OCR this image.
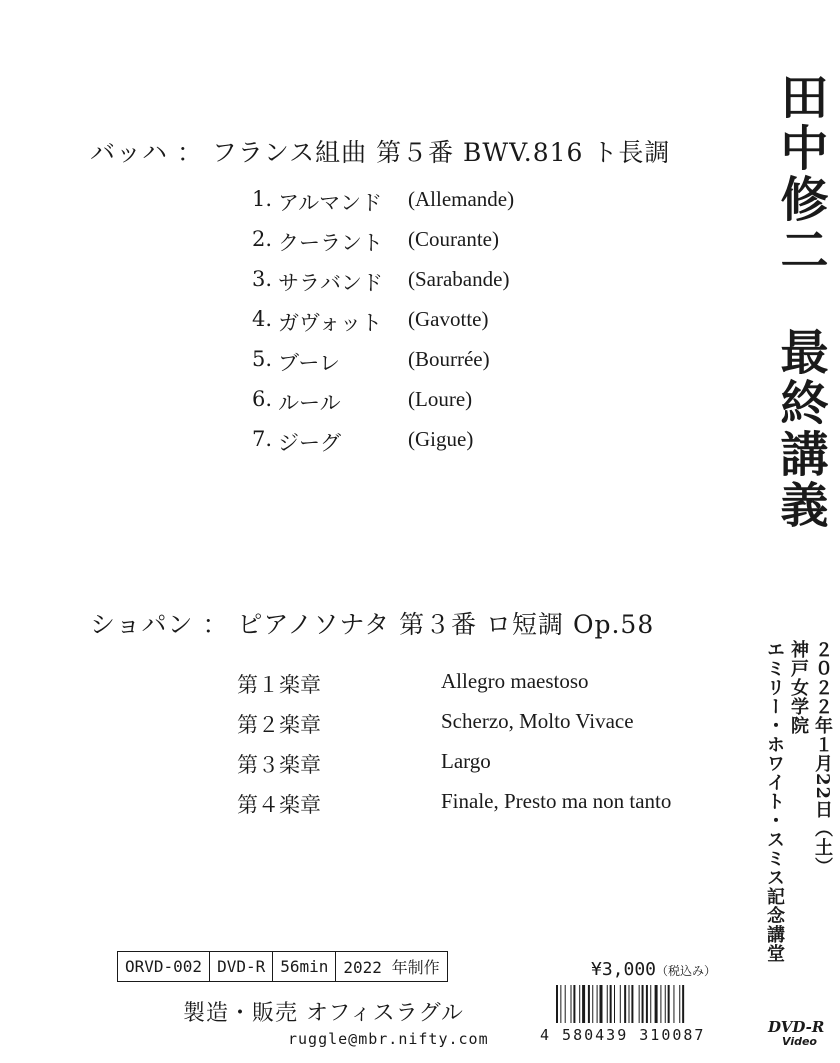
バッハ ： フランス組曲 第５番 BWV.816 ト長調
1. アルマンド (Allemande)
2. クーラント (Courante)
3. サラバンド (Sarabande)
4. ガヴォット (Gavotte)
5. ブーレ	(Bourrée)
6. ルール	(Loure)
7. ジーグ	(Gigue)
ショパン ： ピアノソナタ 第３番 ロ短調 Op.58
第１楽章	Allegro maestoso
第２楽章	Scherzo, Molto Vivace
第３楽章	Largo
第４楽章	Finale, Presto ma non tanto
田中修二　最終講義
２０２２年１月22日（土）
神戸女学院
エミリー・ホワイト・スミス記念講堂
ORVD-002	DVD-R	56min	2022 年制作
製造・販売 オフィスラグル
ruggle@mbr.nifty.com
¥3,000（税込み）
4 580439 310087	DVD-R
Video
